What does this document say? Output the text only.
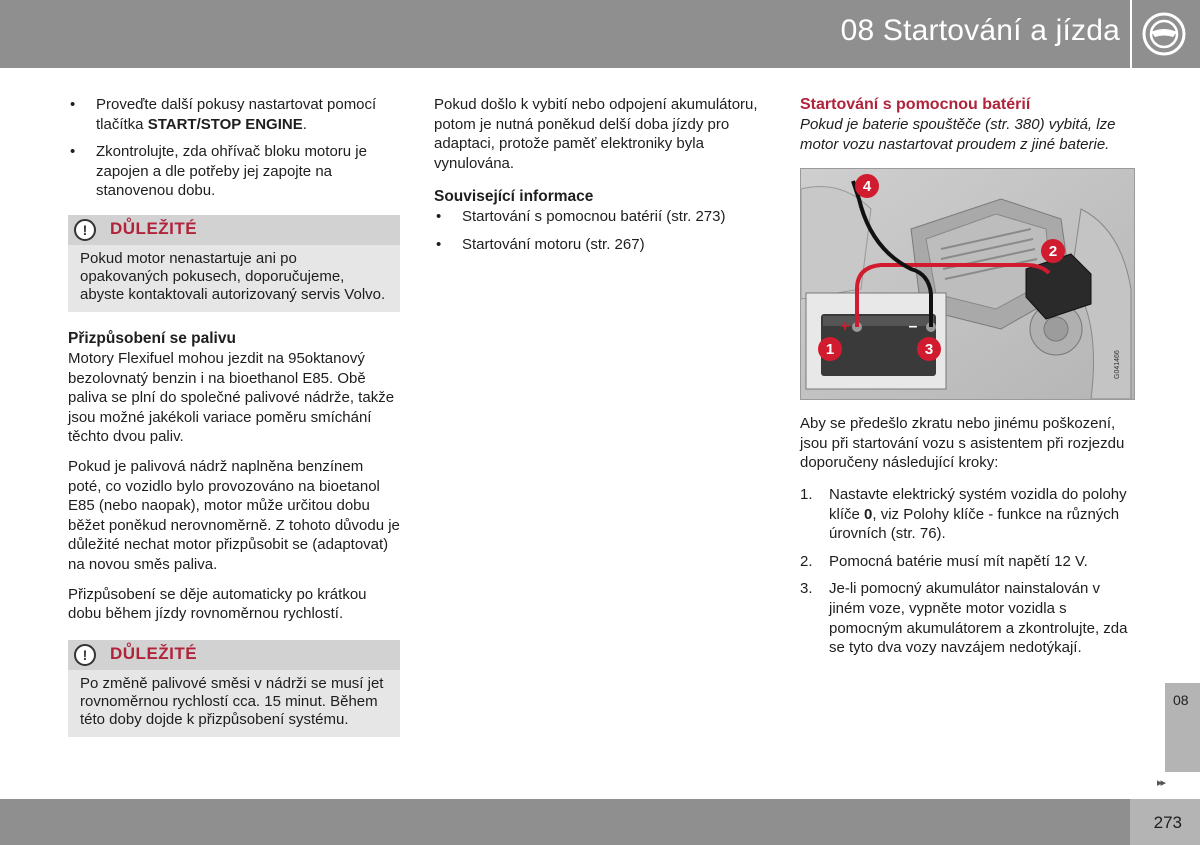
08 Startování a jízda
• Proveďte další pokusy nastartovat pomocí tlačítka START/STOP ENGINE.
• Zkontrolujte, zda ohřívač bloku motoru je zapojen a dle potřeby jej zapojte na stanovenou dobu.
!	DŮLEŽITÉ
Pokud motor nenastartuje ani po opakovaných pokusech, doporučujeme, abyste kontaktovali autorizovaný servis Volvo.
Přizpůsobení se palivu

Motory Flexifuel mohou jezdit na 95oktanový bezolovnatý benzin i na bioethanol E85. Obě paliva se plní do společné palivové nádrže, takže jsou možné jakékoli variace poměru smíchání těchto dvou paliv.

Pokud je palivová nádrž naplněna benzínem poté, co vozidlo bylo provozováno na bioetanol E85 (nebo naopak), motor může určitou dobu běžet poněkud nerovnoměrně. Z tohoto důvodu je důležité nechat motor přizpůsobit se (adaptovat) na novou směs paliva.

Přizpůsobení se děje automaticky po krátkou dobu během jízdy rovnoměrnou rychlostí.

!	DŮLEŽITÉ
Po změně palivové směsi v nádrži se musí jet rovnoměrnou rychlostí cca. 15 minut. Během této doby dojde k přizpůsobení systému.

Pokud došlo k vybití nebo odpojení akumulátoru, potom je nutná poněkud delší doba jízdy pro adaptaci, protože paměť elektroniky byla vynulována.

Související informace
• Startování s pomocnou batérií (str. 273)
• Startování motoru (str. 267)
Startování s pomocnou batérií

Pokud je baterie spouštěče (str. 380) vybitá, lze motor vozu nastartovat proudem z jiné baterie.

1
2
3
4
+	–
G041466

Aby se předešlo zkratu nebo jinému poškození, jsou při startování vozu s asistentem při rozjezdu doporučeny následující kroky:

1. Nastavte elektrický systém vozidla do polohy klíče 0, viz Polohy klíče - funkce na různých úrovních (str. 76).
2. Pomocná batérie musí mít napětí 12 V.
3. Je-li pomocný akumulátor nainstalován v jiném voze, vypněte motor vozidla s pomocným akumulátorem a zkontrolujte, zda se tyto dva vozy navzájem nedotýkají.
08
▸▸
273
